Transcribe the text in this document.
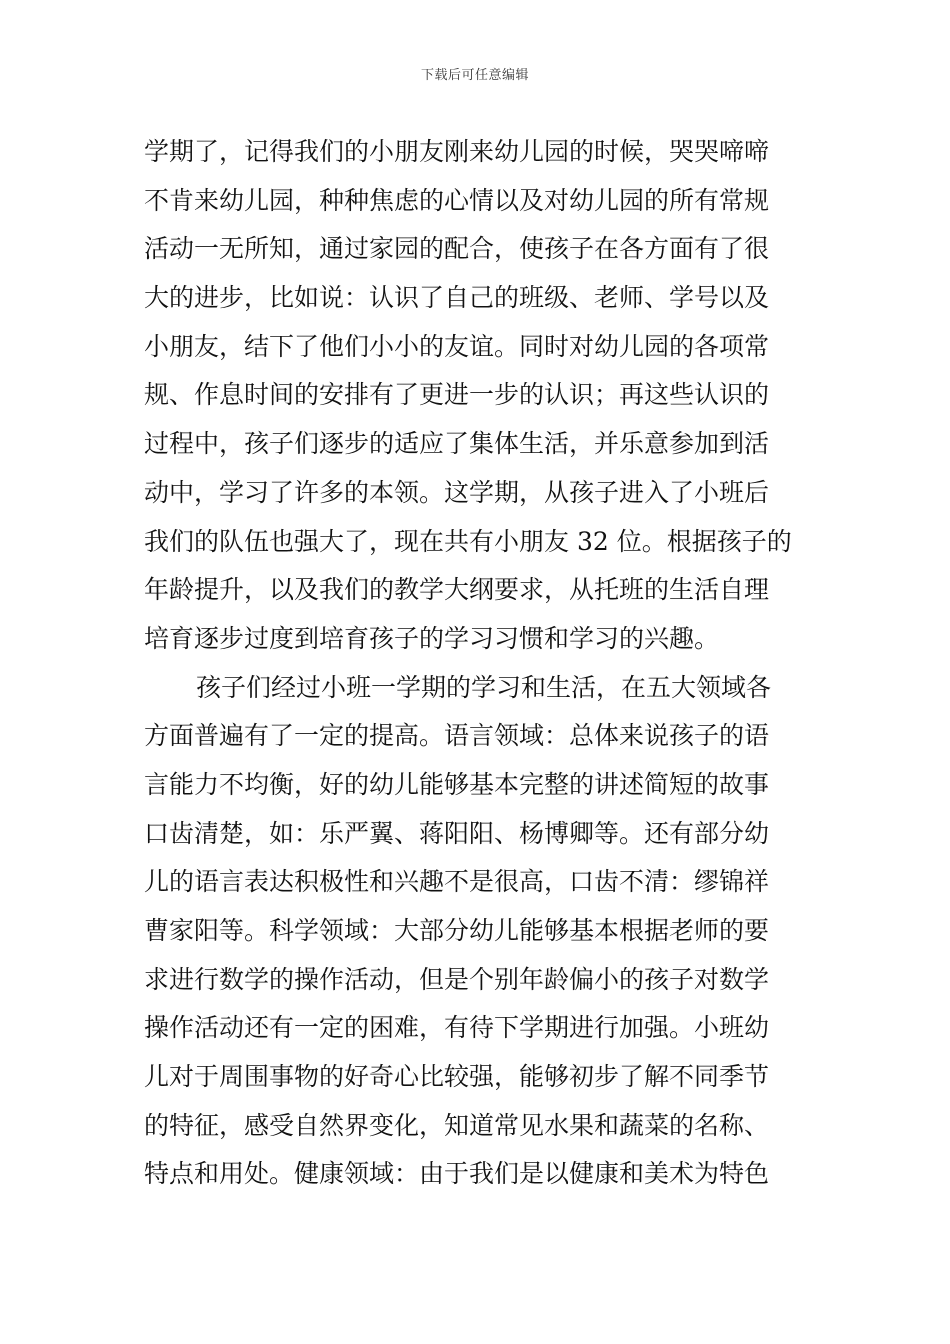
下载后可任意编辑
学期了，记得我们的小朋友刚来幼儿园的时候，哭哭啼啼
不肯来幼儿园，种种焦虑的心情以及对幼儿园的所有常规
活动一无所知，通过家园的配合，使孩子在各方面有了很
大的进步，比如说：认识了自己的班级、老师、学号以及
小朋友，结下了他们小小的友谊。同时对幼儿园的各项常
规、作息时间的安排有了更进一步的认识；再这些认识的
过程中，孩子们逐步的适应了集体生活，并乐意参加到活
动中，学习了许多的本领。这学期，从孩子进入了小班后
我们的队伍也强大了，现在共有小朋友 32 位。根据孩子的
年龄提升，以及我们的教学大纲要求，从托班的生活自理
培育逐步过度到培育孩子的学习习惯和学习的兴趣。
孩子们经过小班一学期的学习和生活，在五大领域各
方面普遍有了一定的提高。语言领域：总体来说孩子的语
言能力不均衡，好的幼儿能够基本完整的讲述简短的故事
口齿清楚，如：乐严翼、蒋阳阳、杨博卿等。还有部分幼
儿的语言表达积极性和兴趣不是很高，口齿不清：缪锦祥
曹家阳等。科学领域：大部分幼儿能够基本根据老师的要
求进行数学的操作活动，但是个别年龄偏小的孩子对数学
操作活动还有一定的困难，有待下学期进行加强。小班幼
儿对于周围事物的好奇心比较强，能够初步了解不同季节
的特征，感受自然界变化，知道常见水果和蔬菜的名称、
特点和用处。健康领域：由于我们是以健康和美术为特色
